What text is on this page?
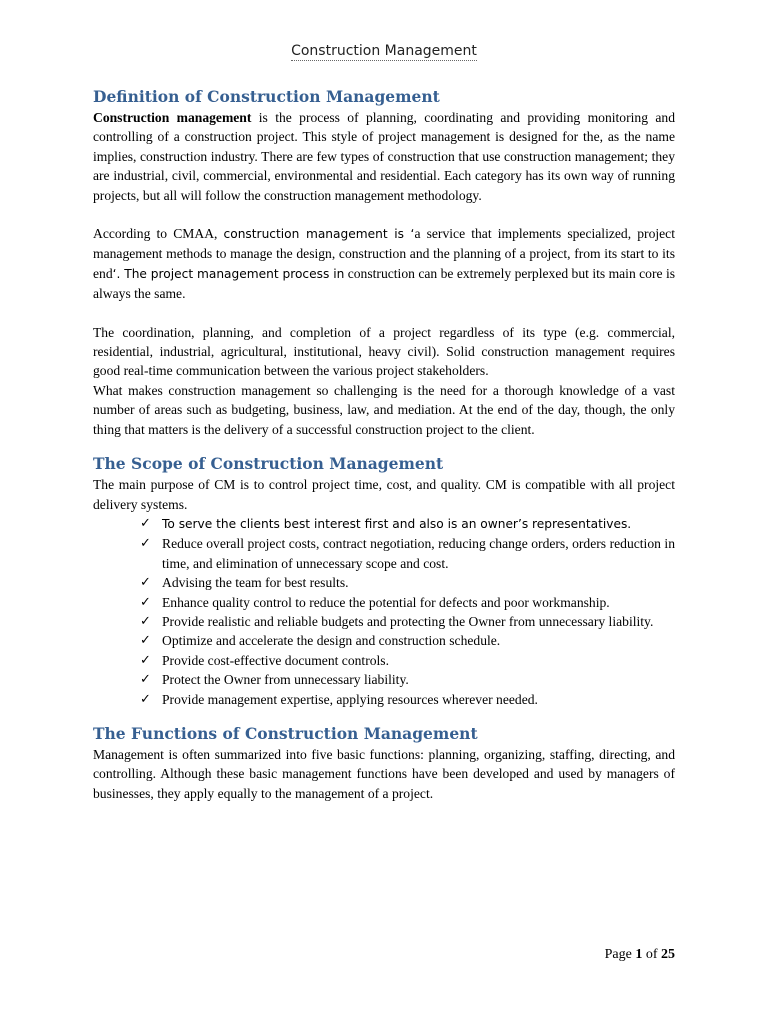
Construction Management
Definition of Construction Management

Construction management is the process of planning, coordinating and providing monitoring and controlling of a construction project. This style of project management is designed for the, as the name implies, construction industry. There are few types of construction that use construction management; they are industrial, civil, commercial, environmental and residential. Each category has its own way of running projects, but all will follow the construction management methodology.

According to CMAA, construction management is ‘a service that implements specialized, project management methods to manage the design, construction and the planning of a project, from its start to its end‘. The project management process in construction can be extremely perplexed but its main core is always the same.

The coordination, planning, and completion of a project regardless of its type (e.g. commercial, residential, industrial, agricultural, institutional, heavy civil). Solid construction management requires good real-time communication between the various project stakeholders.

What makes construction management so challenging is the need for a thorough knowledge of a vast number of areas such as budgeting, business, law, and mediation. At the end of the day, though, the only thing that matters is the delivery of a successful construction project to the client.

The Scope of Construction Management

The main purpose of CM is to control project time, cost, and quality. CM is compatible with all project delivery systems.

✓ To serve the clients best interest first and also is an owner’s representatives.
✓ Reduce overall project costs, contract negotiation, reducing change orders, orders reduction in time, and elimination of unnecessary scope and cost.
✓ Advising the team for best results.
✓ Enhance quality control to reduce the potential for defects and poor workmanship.
✓ Provide realistic and reliable budgets and protecting the Owner from unnecessary liability.
✓ Optimize and accelerate the design and construction schedule.
✓ Provide cost-effective document controls.
✓ Protect the Owner from unnecessary liability.
✓ Provide management expertise, applying resources wherever needed.
The Functions of Construction Management

Management is often summarized into five basic functions: planning, organizing, staffing, directing, and controlling. Although these basic management functions have been developed and used by managers of businesses, they apply equally to the management of a project.

Page 1 of 25
